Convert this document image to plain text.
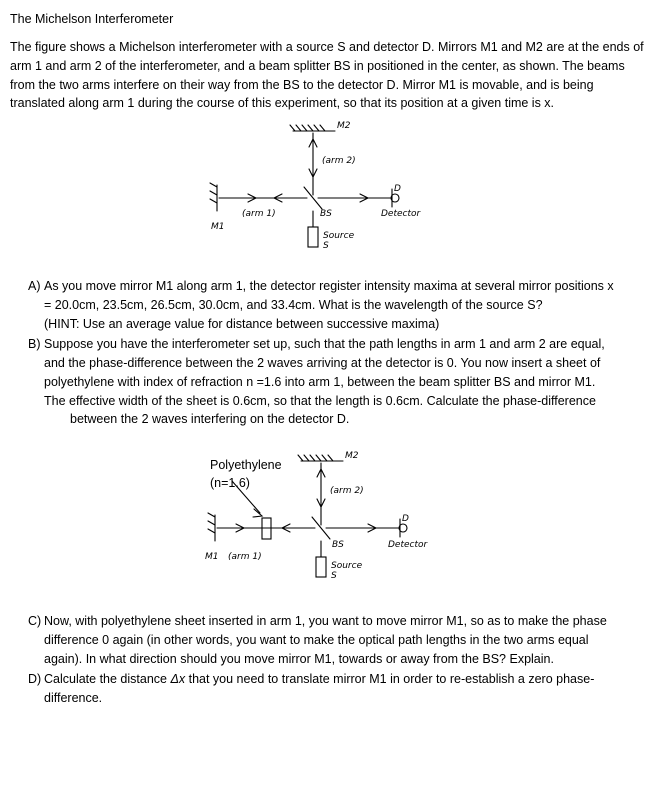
The Michelson Interferometer
The figure shows a Michelson interferometer with a source S and detector D. Mirrors M1 and M2 are at the ends of arm 1 and arm 2 of the interferometer, and a beam splitter BS in positioned in the center, as shown. The beams from the two arms interfere on their way from the BS to the detector D. Mirror M1 is movable, and is being translated along arm 1 during the course of this experiment, so that its position at a given time is x.
M2
(arm 2)
(arm 1)
M1
BS	Detector
D
Source
S
A) As you move mirror M1 along arm 1, the detector register intensity maxima at several mirror positions x = 20.0cm, 23.5cm, 26.5cm, 30.0cm, and 33.4cm. What is the wavelength of the source S?
(HINT: Use an average value for distance between successive maxima)
B) Suppose you have the interferometer set up, such that the path lengths in arm 1 and arm 2 are equal, and the phase-difference between the 2 waves arriving at the detector is 0. You now insert a sheet of polyethylene with index of refraction n =1.6 into arm 1, between the beam splitter BS and mirror M1. The effective width of the sheet is 0.6cm, so that the length is 0.6cm. Calculate the phase-differencebetween the 2 waves interfering on the detector D.
M2
(arm 2)
(arm 1)
M1
BS	Detector
D
Source
S
Polyethylene
(n=1.6)
C) Now, with polyethylene sheet inserted in arm 1, you want to move mirror M1, so as to make the phase difference 0 again (in other words, you want to make the optical path lengths in the two arms equal again). In what direction should you move mirror M1, towards or away from the BS? Explain.
D) Calculate the distance Δx that you need to translate mirror M1 in order to re-establish a zero phase-difference.
